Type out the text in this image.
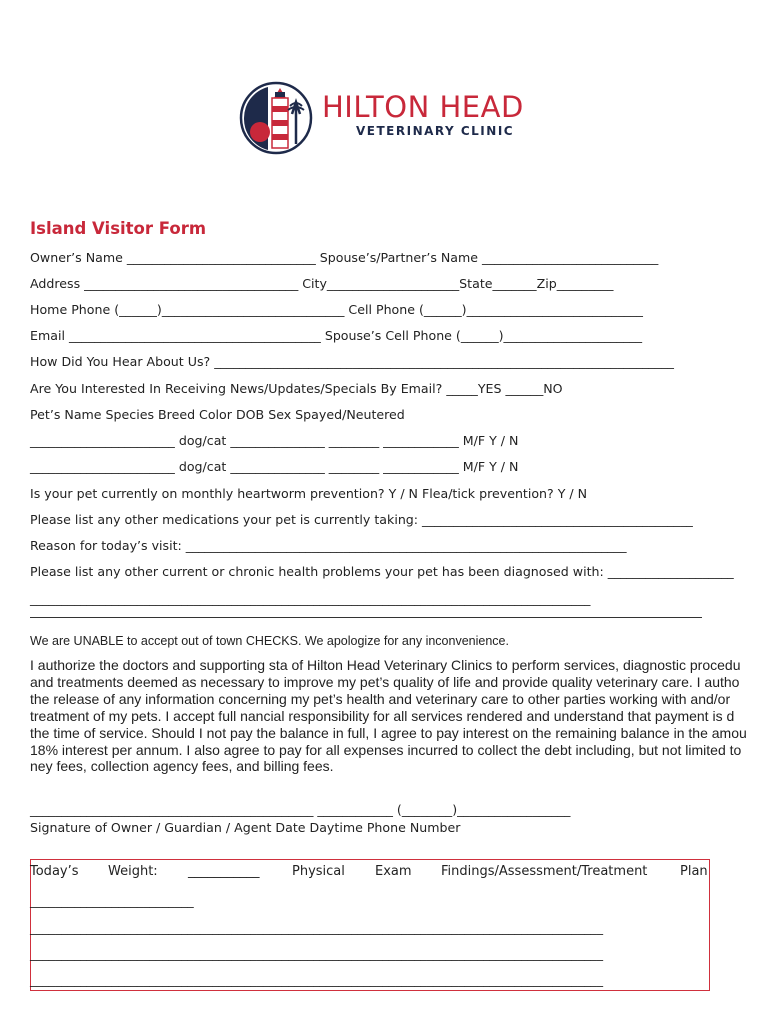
HILTON HEAD
VETERINARY CLINIC
Island Visitor Form
Owner’s Name ______________________________ Spouse’s/Partner’s Name ____________________________
Address __________________________________ City_____________________State_______Zip_________
Home Phone (______)_____________________________ Cell Phone (______)____________________________
Email ________________________________________ Spouse’s Cell Phone (______)______________________
How Did You Hear About Us? _________________________________________________________________________
Are You Interested In Receiving News/Updates/Specials By Email? _____YES ______NO
Pet’s Name Species Breed Color DOB Sex Spayed/Neutered
_______________________ dog/cat _______________ ________ ____________ M/F Y / N
_______________________ dog/cat _______________ ________ ____________ M/F Y / N
Is your pet currently on monthly heartworm prevention? Y / N Flea/tick prevention? Y / N
Please list any other medications your pet is currently taking: ___________________________________________
Reason for today’s visit: ______________________________________________________________________
Please list any other current or chronic health problems your pet has been diagnosed with: ____________________
_________________________________________________________________________________________
We are UNABLE to accept out of town CHECKS. We apologize for any inconvenience.
I authorize the doctors and supporting sta of Hilton Head Veterinary Clinics to perform services, diagnostic procedu
and treatments deemed as necessary to improve my pet’s quality of life and provide quality veterinary care. I autho
the release of any information concerning my pet’s health and veterinary care to other parties working with and/or
treatment of my pets. I accept full nancial responsibility for all services rendered and understand that payment is d
the time of service. Should I not pay the balance in full, I agree to pay interest on the remaining balance in the amou
18% interest per annum. I also agree to pay for all expenses incurred to collect the debt including, but not limited to
ney fees, collection agency fees, and billing fees.
_____________________________________________ ____________ (________)__________________
Signature of Owner / Guardian / Agent Date Daytime Phone Number
Today’s Weight: ___________	Physical Exam Findings/Assessment/Treatment	Plan
__________________________
___________________________________________________________________________________________
___________________________________________________________________________________________
___________________________________________________________________________________________
